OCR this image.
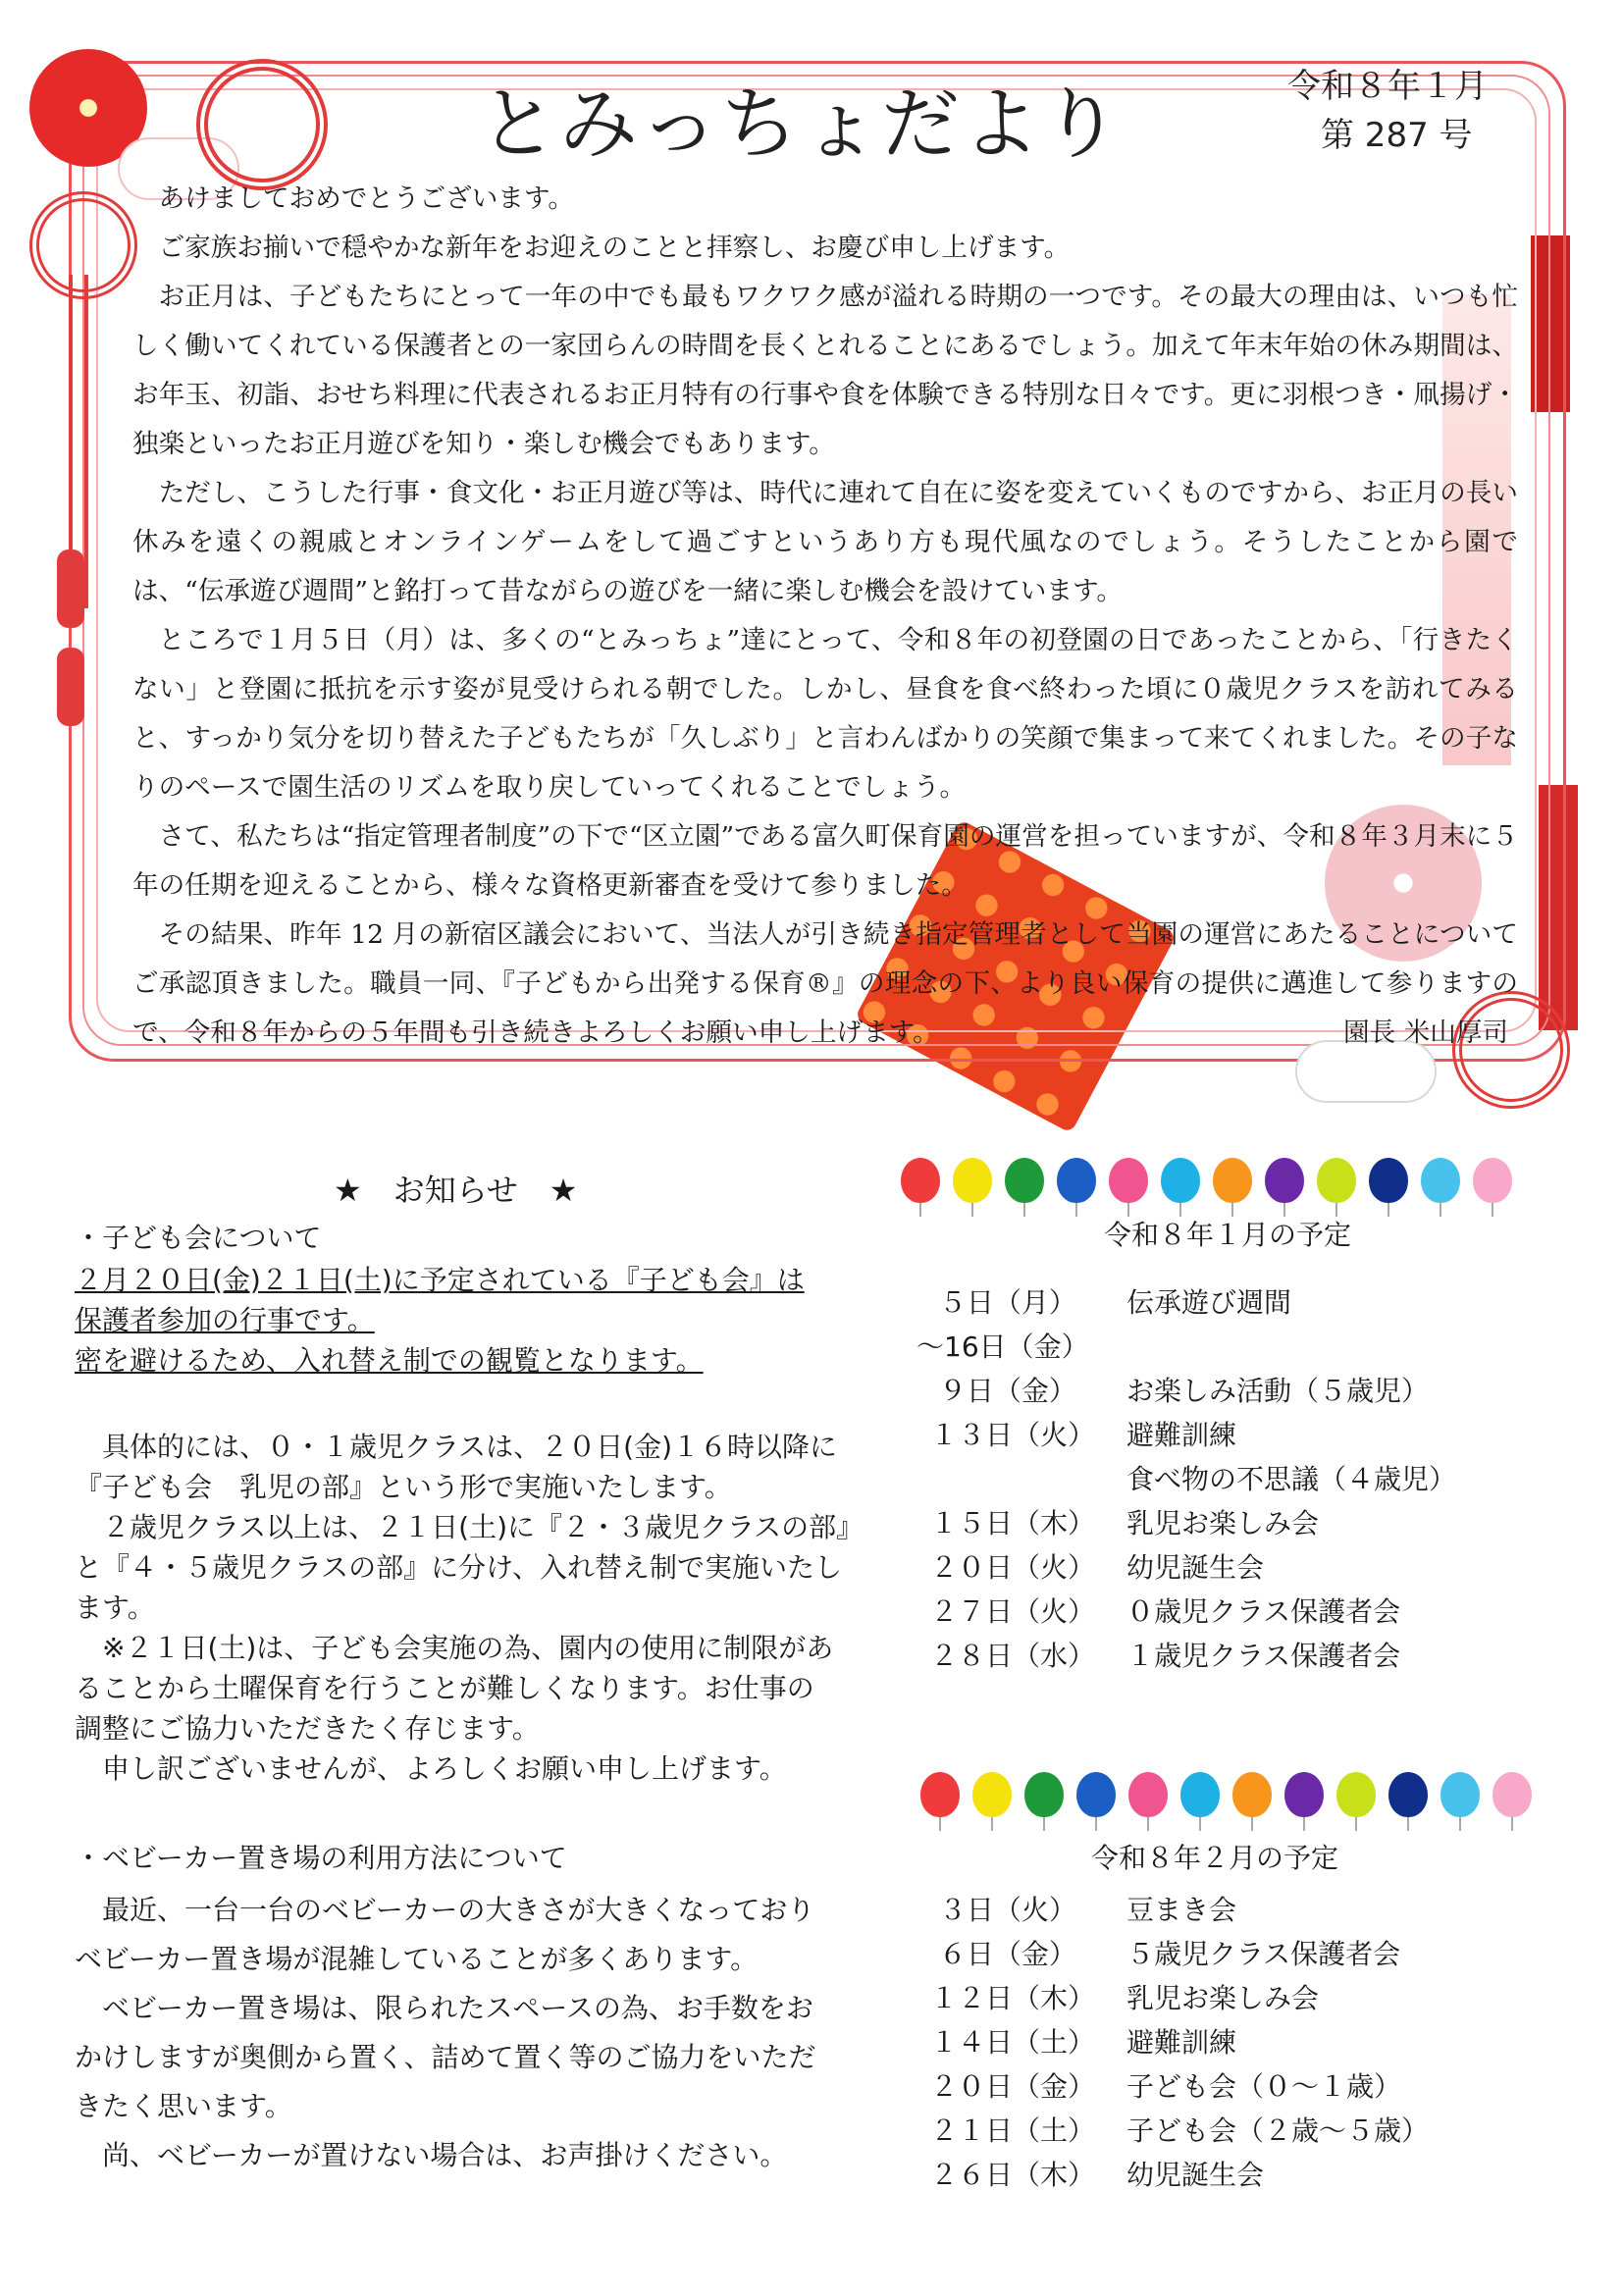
とみっちょだより	令和８年１月
第 287 号

あけましておめでとうございます。

ご家族お揃いで穏やかな新年をお迎えのことと拝察し、お慶び申し上げます。

お正月は、子どもたちにとって一年の中でも最もワクワク感が溢れる時期の一つです。その最大の理由は、いつも忙しく働いてくれている保護者との一家団らんの時間を長くとれることにあるでしょう。加えて年末年始の休み期間は、お年玉、初詣、おせち料理に代表されるお正月特有の行事や食を体験できる特別な日々です。更に羽根つき・凧揚げ・独楽といったお正月遊びを知り・楽しむ機会でもあります。

ただし、こうした行事・食文化・お正月遊び等は、時代に連れて自在に姿を変えていくものですから、お正月の長い休みを遠くの親戚とオンラインゲームをして過ごすというあり方も現代風なのでしょう。そうしたことから園では、“伝承遊び週間”と銘打って昔ながらの遊びを一緒に楽しむ機会を設けています。

ところで１月５日（月）は、多くの“とみっちょ”達にとって、令和８年の初登園の日であったことから、「行きたくない」と登園に抵抗を示す姿が見受けられる朝でした。しかし、昼食を食べ終わった頃に０歳児クラスを訪れてみると、すっかり気分を切り替えた子どもたちが「久しぶり」と言わんばかりの笑顔で集まって来てくれました。その子なりのペースで園生活のリズムを取り戻していってくれることでしょう。

さて、私たちは“指定管理者制度”の下で“区立園”である富久町保育園の運営を担っていますが、令和８年３月末に５年の任期を迎えることから、様々な資格更新審査を受けて参りました。

その結果、昨年 12 月の新宿区議会において、当法人が引き続き指定管理者として当園の運営にあたることについてご承認頂きました。職員一同、『子どもから出発する保育®』の理念の下、より良い保育の提供に邁進して参りますので、令和８年からの５年間も引き続きよろしくお願い申し上げます。	園長 米山厚司

★　お知らせ　★
・子ども会について
２月２０日(金)２１日(土)に予定されている『子ども会』は
保護者参加の行事です。
密を避けるため、入れ替え制での観覧となります。

　具体的には、０・１歳児クラスは、２０日(金)１６時以降に

『子ども会　乳児の部』という形で実施いたします。

　２歳児クラス以上は、２１日(土)に『２・３歳児クラスの部』

と『４・５歳児クラスの部』に分け、入れ替え制で実施いたし

ます。

　※２１日(土)は、子ども会実施の為、園内の使用に制限があ

ることから土曜保育を行うことが難しくなります。お仕事の

調整にご協力いただきたく存じます。

　申し訳ございませんが、よろしくお願い申し上げます。

・ベビーカー置き場の利用方法について

　最近、一台一台のベビーカーの大きさが大きくなっており

ベビーカー置き場が混雑していることが多くあります。

　ベビーカー置き場は、限られたスペースの為、お手数をお

かけしますが奥側から置く、詰めて置く等のご協力をいただ

きたく思います。

　尚、ベビーカーが置けない場合は、お声掛けください。

令和８年１月の予定
５日（月） 伝承遊び週間
～16日（金）
９日（金） お楽しみ活動（５歳児）
１３日（火） 避難訓練
食べ物の不思議（４歳児）
１５日（木） 乳児お楽しみ会
２０日（火） 幼児誕生会
２７日（火） ０歳児クラス保護者会
２８日（水） １歳児クラス保護者会
令和８年２月の予定
３日（火） 豆まき会
６日（金） ５歳児クラス保護者会
１２日（木） 乳児お楽しみ会
１４日（土） 避難訓練
２０日（金） 子ども会（０～１歳）
２１日（土） 子ども会（２歳～５歳）
２６日（木） 幼児誕生会
